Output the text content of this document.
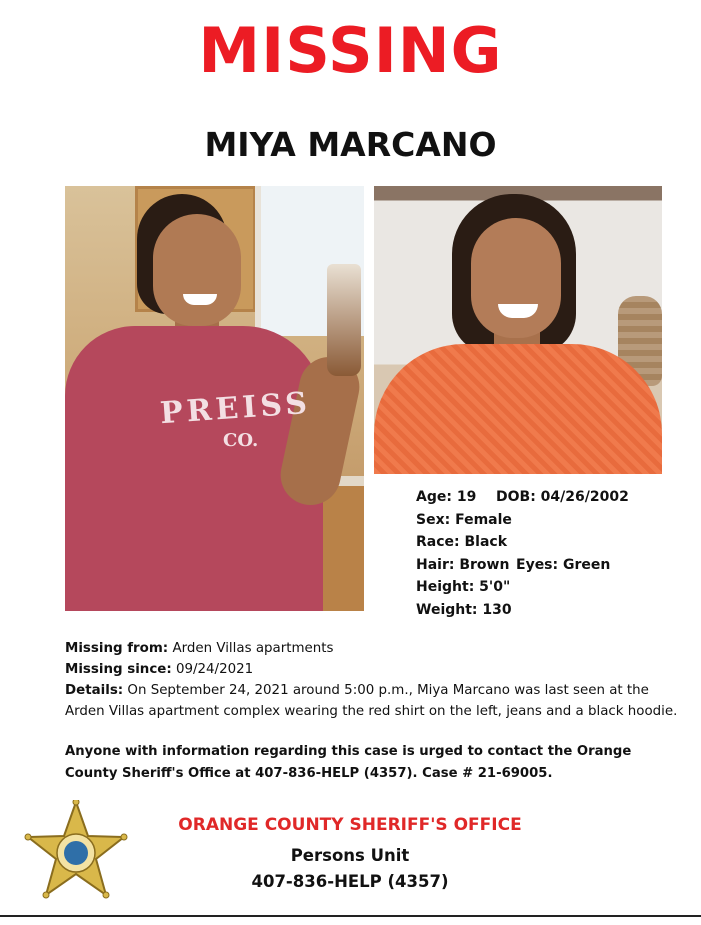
MISSING
MIYA MARCANO
PREISS
CO.
Age: 19	DOB: 04/26/2002
Sex:
Female
Race:
Black
Hair: Brown Eyes: Green
Height:
5'0"
Weight:
130
Missing from: Arden Villas apartments
Missing since: 09/24/2021
Details: On September 24, 2021 around 5:00 p.m., Miya Marcano was last seen at the Arden Villas apartment complex wearing the red shirt on the left, jeans and a black hoodie.
Anyone with information regarding this case is urged to contact the Orange County Sheriff's Office at 407-836-HELP (4357). Case # 21-69005.
ORANGE COUNTY SHERIFF'S OFFICE
Persons Unit
407-836-HELP (4357)
